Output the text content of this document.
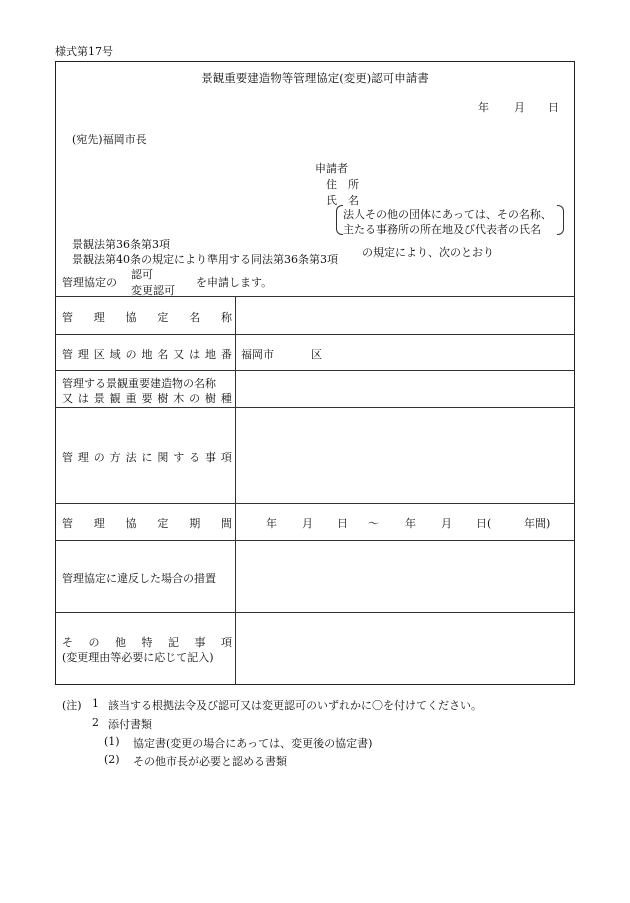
様式第17号
景観重要建造物等管理協定(変更)認可申請書
年 月 日
(宛先)福岡市長
申請者
住　所
氏　名
法人その他の団体にあっては、その名称、
主たる事務所の所在地及び代表者の氏名
景観法第36条第3項
景観法第40条の規定により準用する同法第36条第3項
の規定により、次のとおり
管理協定の
認可
変更認可
を申請します。
管 理 協 定 名 称
管 理 区 域 の 地 名 又 は 地 番 福岡市	区
管理する景観重要建造物の名称
又 は 景 観 重 要 樹 木 の 樹 種
管 理 の 方 法 に 関 す る 事 項
管 理 協 定 期 間	年 月 日 ～ 年 月 日(	年間)
管理協定に違反した場合の措置
そ の 他 特 記 事 項
(変更理由等必要に応じて記入)
(注) 1 該当する根拠法令及び認可又は変更認可のいずれかに〇を付けてください。
2 添付書類
(1) 協定書(変更の場合にあっては、変更後の協定書)
(2) その他市長が必要と認める書類
